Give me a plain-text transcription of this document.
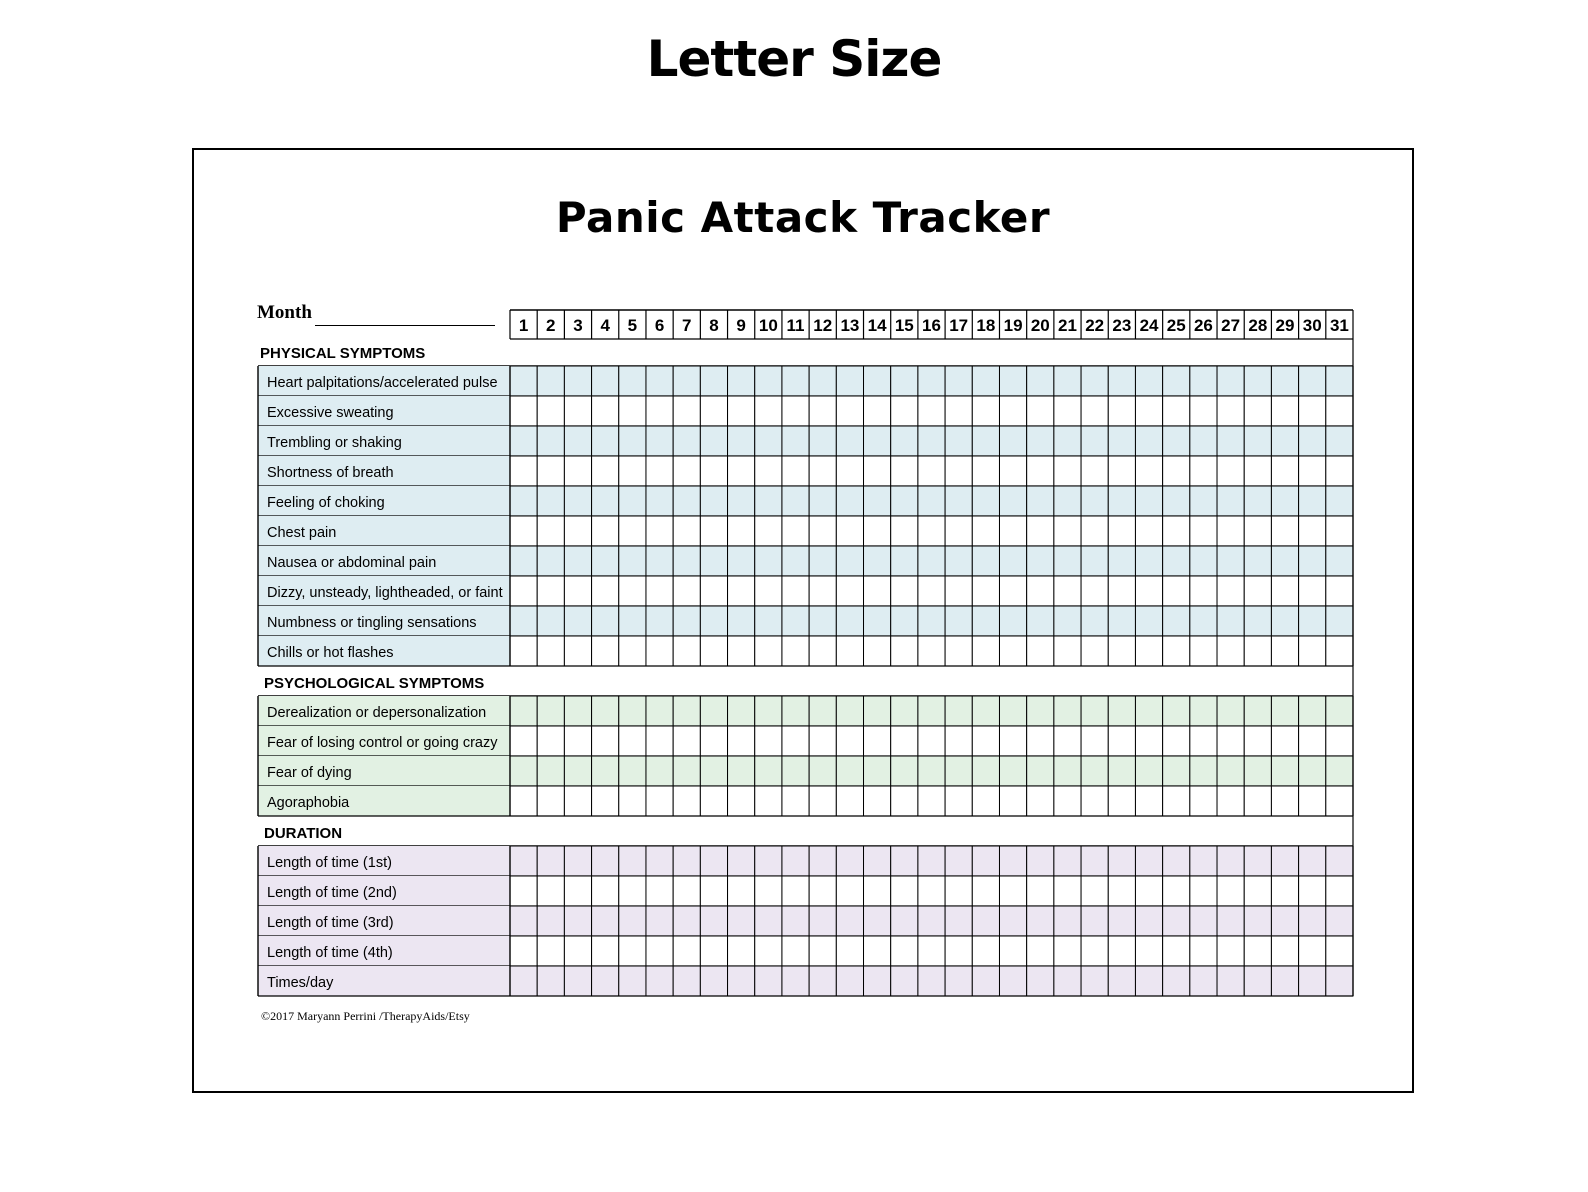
Letter Size
Panic Attack Tracker
Month
1 2 3 4 5 6 7 8 9 10 11 12 13 14 15 16 17 18 19 20 21 22 23 24 25 26 27 28 29 30 31
PHYSICAL SYMPTOMS
Heart palpitations/accelerated pulse
Excessive sweating
Trembling or shaking
Shortness of breath
Feeling of choking
Chest pain
Nausea or abdominal pain
Dizzy, unsteady, lightheaded, or faint
Numbness or tingling sensations
Chills or hot flashes
PSYCHOLOGICAL SYMPTOMS
Derealization or depersonalization
Fear of losing control or going crazy
Fear of dying
Agoraphobia
DURATION
Length of time (1st)
Length of time (2nd)
Length of time (3rd)
Length of time (4th)
Times/day
©2017 Maryann Perrini /TherapyAids/Etsy
